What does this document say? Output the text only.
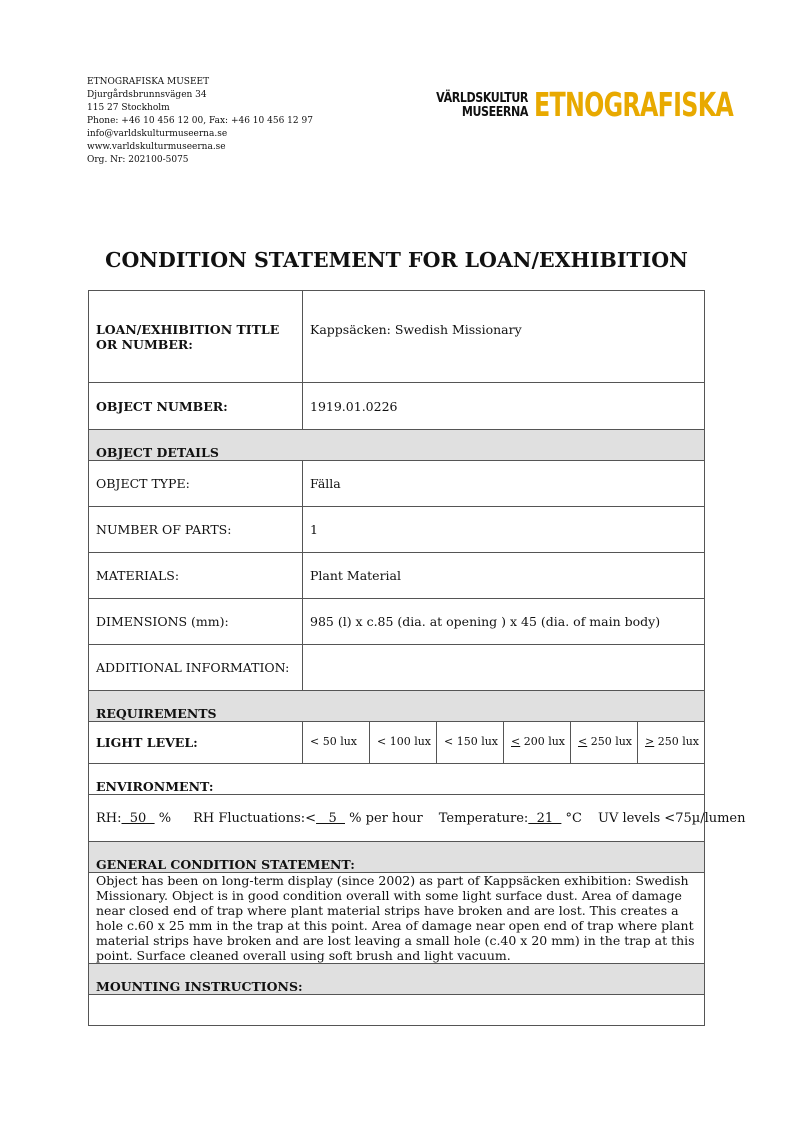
ETNOGRAFISKA MUSEET
Djurgårdsbrunnsvägen 34
115 27 Stockholm
Phone: +46 10 456 12 00, Fax: +46 10 456 12 97
info@varldskulturmuseerna.se
www.varldskulturmuseerna.se
Org. Nr: 202100-5075
VÄRLDSKULTUR
MUSEERNA ETNOGRAFISKA
CONDITION STATEMENT FOR LOAN/EXHIBITION
LOAN/EXHIBITION TITLE OR NUMBER:
Kappsäcken: Swedish Missionary
OBJECT NUMBER:	1919.01.0226
OBJECT DETAILS
OBJECT TYPE:	Fälla
NUMBER OF PARTS:	1
MATERIALS:	Plant Material
DIMENSIONS (mm):	985 (l) x c.85 (dia. at opening ) x 45 (dia. of main body)
ADDITIONAL INFORMATION:
REQUIREMENTS
LIGHT LEVEL:	< 50 lux	< 100 lux	< 150 lux	< 200 lux	< 250 lux	> 250 lux
ENVIRONMENT:
RH: 50 % RH Fluctuations:< 5 % per hour Temperature: 21 °C UV levels <75µ/lumen
GENERAL CONDITION STATEMENT:
Object has been on long-term display (since 2002) as part of Kappsäcken exhibition: Swedish Missionary. Object is in good condition overall with some light surface dust. Area of damage near closed end of trap where plant material strips have broken and are lost. This creates a hole c.60 x 25 mm in the trap at this point. Area of damage near open end of trap where plant material strips have broken and are lost leaving a small hole (c.40 x 20 mm) in the trap at this point. Surface cleaned overall using soft brush and light vacuum.
MOUNTING INSTRUCTIONS:
